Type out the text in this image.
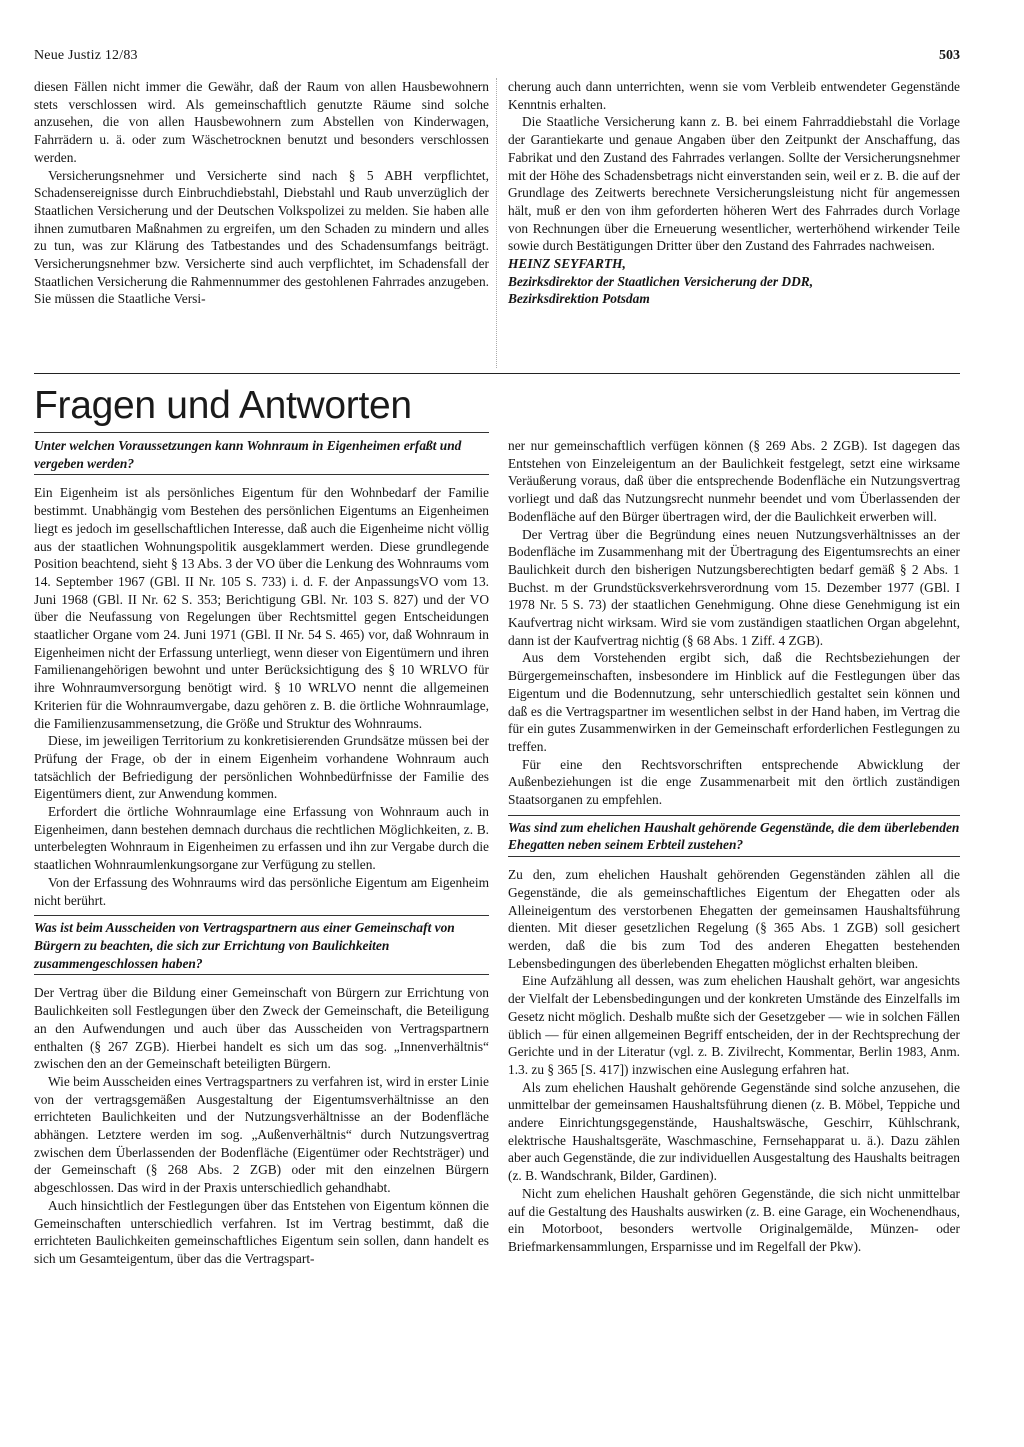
Neue Justiz 12/83	503

diesen Fällen nicht immer die Gewähr, daß der Raum von allen Hausbewohnern stets verschlossen wird. Als gemeinschaftlich genutzte Räume sind solche anzusehen, die von allen Hausbewohnern zum Abstellen von Kinderwagen, Fahrrädern u. ä. oder zum Wäschetrocknen benutzt und besonders verschlossen werden.

Versicherungsnehmer und Versicherte sind nach § 5 ABH verpflichtet, Schadensereignisse durch Einbruchdiebstahl, Diebstahl und Raub unverzüglich der Staatlichen Versicherung und der Deutschen Volkspolizei zu melden. Sie haben alle ihnen zumutbaren Maßnahmen zu ergreifen, um den Schaden zu mindern und alles zu tun, was zur Klärung des Tatbestandes und des Schadensumfangs beiträgt. Versicherungsnehmer bzw. Versicherte sind auch verpflichtet, im Schadensfall der Staatlichen Versicherung die Rahmennummer des gestohlenen Fahrrades anzugeben. Sie müssen die Staatliche Versi-

cherung auch dann unterrichten, wenn sie vom Verbleib entwendeter Gegenstände Kenntnis erhalten.

Die Staatliche Versicherung kann z. B. bei einem Fahrraddiebstahl die Vorlage der Garantiekarte und genaue Angaben über den Zeitpunkt der Anschaffung, das Fabrikat und den Zustand des Fahrrades verlangen. Sollte der Versicherungsnehmer mit der Höhe des Schadensbetrags nicht einverstanden sein, weil er z. B. die auf der Grundlage des Zeitwerts berechnete Versicherungsleistung nicht für angemessen hält, muß er den von ihm geforderten höheren Wert des Fahrrades durch Vorlage von Rechnungen über die Erneuerung wesentlicher, werterhöhend wirkender Teile sowie durch Bestätigungen Dritter über den Zustand des Fahrrades nachweisen.

HEINZ SEYFARTH,

Bezirksdirektor der Staatlichen Versicherung der DDR,

Bezirksdirektion Potsdam

Fragen und Antworten

Unter welchen Voraussetzungen kann Wohnraum in Eigenheimen erfaßt und vergeben werden?

Ein Eigenheim ist als persönliches Eigentum für den Wohnbedarf der Familie bestimmt. Unabhängig vom Bestehen des persönlichen Eigentums an Eigenheimen liegt es jedoch im gesellschaftlichen Interesse, daß auch die Eigenheime nicht völlig aus der staatlichen Wohnungspolitik ausgeklammert werden. Diese grundlegende Position beachtend, sieht § 13 Abs. 3 der VO über die Lenkung des Wohnraums vom 14. September 1967 (GBl. II Nr. 105 S. 733) i. d. F. der AnpassungsVO vom 13. Juni 1968 (GBl. II Nr. 62 S. 353; Berichtigung GBl. Nr. 103 S. 827) und der VO über die Neufassung von Regelungen über Rechtsmittel gegen Entscheidungen staatlicher Organe vom 24. Juni 1971 (GBl. II Nr. 54 S. 465) vor, daß Wohnraum in Eigenheimen nicht der Erfassung unterliegt, wenn dieser von Eigentümern und ihren Familienangehörigen bewohnt und unter Berücksichtigung des § 10 WRLVO für ihre Wohnraumversorgung benötigt wird. § 10 WRLVO nennt die allgemeinen Kriterien für die Wohnraumvergabe, dazu gehören z. B. die örtliche Wohnraumlage, die Familienzusammensetzung, die Größe und Struktur des Wohnraums.

Diese, im jeweiligen Territorium zu konkretisierenden Grundsätze müssen bei der Prüfung der Frage, ob der in einem Eigenheim vorhandene Wohnraum auch tatsächlich der Befriedigung der persönlichen Wohnbedürfnisse der Familie des Eigentümers dient, zur Anwendung kommen.

Erfordert die örtliche Wohnraumlage eine Erfassung von Wohnraum auch in Eigenheimen, dann bestehen demnach durchaus die rechtlichen Möglichkeiten, z. B. unterbelegten Wohnraum in Eigenheimen zu erfassen und ihn zur Vergabe durch die staatlichen Wohnraumlenkungsorgane zur Verfügung zu stellen.

Von der Erfassung des Wohnraums wird das persönliche Eigentum am Eigenheim nicht berührt.

Was ist beim Ausscheiden von Vertragspartnern aus einer Gemeinschaft von Bürgern zu beachten, die sich zur Errichtung von Baulichkeiten zusammengeschlossen haben?

Der Vertrag über die Bildung einer Gemeinschaft von Bürgern zur Errichtung von Baulichkeiten soll Festlegungen über den Zweck der Gemeinschaft, die Beteiligung an den Aufwendungen und auch über das Ausscheiden von Vertragspartnern enthalten (§ 267 ZGB). Hierbei handelt es sich um das sog. „Innenverhältnis“ zwischen den an der Gemeinschaft beteiligten Bürgern.

Wie beim Ausscheiden eines Vertragspartners zu verfahren ist, wird in erster Linie von der vertragsgemäßen Ausgestaltung der Eigentumsverhältnisse an den errichteten Baulichkeiten und der Nutzungsverhältnisse an der Bodenfläche abhängen. Letztere werden im sog. „Außenverhältnis“ durch Nutzungsvertrag zwischen dem Überlassenden der Bodenfläche (Eigentümer oder Rechtsträger) und der Gemeinschaft (§ 268 Abs. 2 ZGB) oder mit den einzelnen Bürgern abgeschlossen. Das wird in der Praxis unterschiedlich gehandhabt.

Auch hinsichtlich der Festlegungen über das Entstehen von Eigentum können die Gemeinschaften unterschiedlich verfahren. Ist im Vertrag bestimmt, daß die errichteten Baulichkeiten gemeinschaftliches Eigentum sein sollen, dann handelt es sich um Gesamteigentum, über das die Vertragspart-

ner nur gemeinschaftlich verfügen können (§ 269 Abs. 2 ZGB). Ist dagegen das Entstehen von Einzeleigentum an der Baulichkeit festgelegt, setzt eine wirksame Veräußerung voraus, daß über die entsprechende Bodenfläche ein Nutzungsvertrag vorliegt und daß das Nutzungsrecht nunmehr beendet und vom Überlassenden der Bodenfläche auf den Bürger übertragen wird, der die Baulichkeit erwerben will.

Der Vertrag über die Begründung eines neuen Nutzungsverhältnisses an der Bodenfläche im Zusammenhang mit der Übertragung des Eigentumsrechts an einer Baulichkeit durch den bisherigen Nutzungsberechtigten bedarf gemäß § 2 Abs. 1 Buchst. m der Grundstücksverkehrsverordnung vom 15. Dezember 1977 (GBl. I 1978 Nr. 5 S. 73) der staatlichen Genehmigung. Ohne diese Genehmigung ist ein Kaufvertrag nicht wirksam. Wird sie vom zuständigen staatlichen Organ abgelehnt, dann ist der Kaufvertrag nichtig (§ 68 Abs. 1 Ziff. 4 ZGB).

Aus dem Vorstehenden ergibt sich, daß die Rechtsbeziehungen der Bürgergemeinschaften, insbesondere im Hinblick auf die Festlegungen über das Eigentum und die Bodennutzung, sehr unterschiedlich gestaltet sein können und daß es die Vertragspartner im wesentlichen selbst in der Hand haben, im Vertrag die für ein gutes Zusammenwirken in der Gemeinschaft erforderlichen Festlegungen zu treffen.

Für eine den Rechtsvorschriften entsprechende Abwicklung der Außenbeziehungen ist die enge Zusammenarbeit mit den örtlich zuständigen Staatsorganen zu empfehlen.

Was sind zum ehelichen Haushalt gehörende Gegenstände, die dem überlebenden Ehegatten neben seinem Erbteil zustehen?

Zu den, zum ehelichen Haushalt gehörenden Gegenständen zählen all die Gegenstände, die als gemeinschaftliches Eigentum der Ehegatten oder als Alleineigentum des verstorbenen Ehegatten der gemeinsamen Haushaltsführung dienten. Mit dieser gesetzlichen Regelung (§ 365 Abs. 1 ZGB) soll gesichert werden, daß die bis zum Tod des anderen Ehegatten bestehenden Lebensbedingungen des überlebenden Ehegatten möglichst erhalten bleiben.

Eine Aufzählung all dessen, was zum ehelichen Haushalt gehört, war angesichts der Vielfalt der Lebensbedingungen und der konkreten Umstände des Einzelfalls im Gesetz nicht möglich. Deshalb mußte sich der Gesetzgeber — wie in solchen Fällen üblich — für einen allgemeinen Begriff entscheiden, der in der Rechtsprechung der Gerichte und in der Literatur (vgl. z. B. Zivilrecht, Kommentar, Berlin 1983, Anm. 1.3. zu § 365 [S. 417]) inzwischen eine Auslegung erfahren hat.

Als zum ehelichen Haushalt gehörende Gegenstände sind solche anzusehen, die unmittelbar der gemeinsamen Haushaltsführung dienen (z. B. Möbel, Teppiche und andere Einrichtungsgegenstände, Haushaltswäsche, Geschirr, Kühlschrank, elektrische Haushaltsgeräte, Waschmaschine, Fernsehapparat u. ä.). Dazu zählen aber auch Gegenstände, die zur individuellen Ausgestaltung des Haushalts beitragen (z. B. Wandschrank, Bilder, Gardinen).

Nicht zum ehelichen Haushalt gehören Gegenstände, die sich nicht unmittelbar auf die Gestaltung des Haushalts auswirken (z. B. eine Garage, ein Wochenendhaus, ein Motorboot, besonders wertvolle Originalgemälde, Münzen- oder Briefmarkensammlungen, Ersparnisse und im Regelfall der Pkw).
